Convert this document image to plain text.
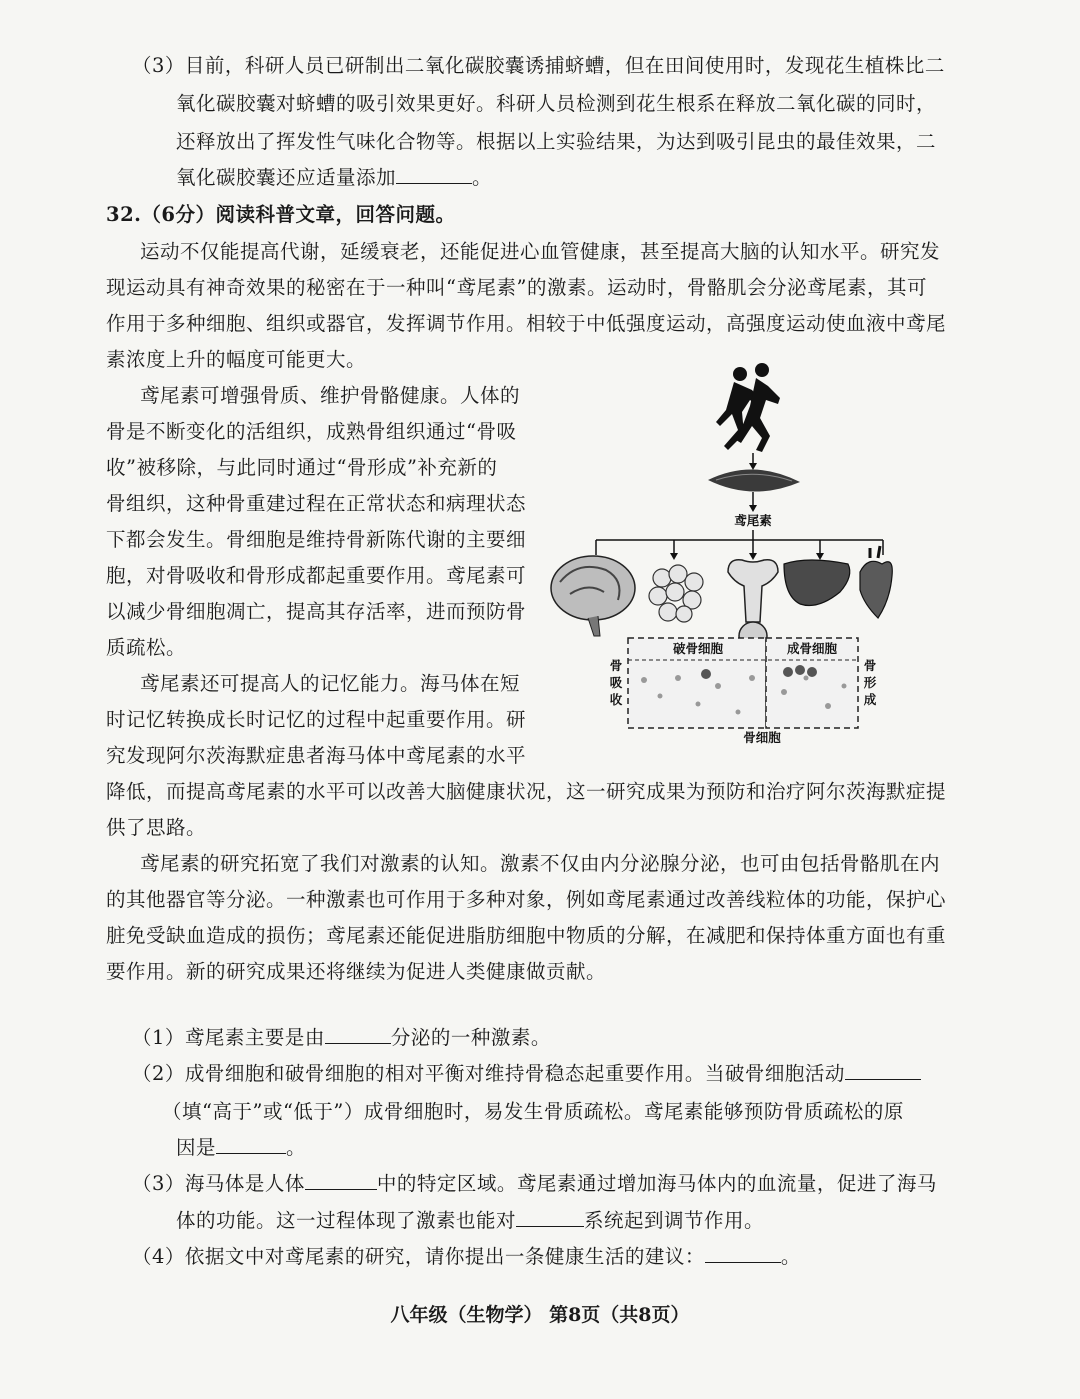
（3）目前，科研人员已研制出二氧化碳胶囊诱捕蛴螬，但在田间使用时，发现花生植株比二
氧化碳胶囊对蛴螬的吸引效果更好。科研人员检测到花生根系在释放二氧化碳的同时，
还释放出了挥发性气味化合物等。根据以上实验结果，为达到吸引昆虫的最佳效果，二
氧化碳胶囊还应适量添加	。
32.（6分）阅读科普文章，回答问题。
运动不仅能提高代谢，延缓衰老，还能促进心血管健康，甚至提高大脑的认知水平。研究发
现运动具有神奇效果的秘密在于一种叫“鸢尾素”的激素。运动时，骨骼肌会分泌鸢尾素，其可
作用于多种细胞、组织或器官，发挥调节作用。相较于中低强度运动，高强度运动使血液中鸢尾
素浓度上升的幅度可能更大。
鸢尾素可增强骨质、维护骨骼健康。人体的
骨是不断变化的活组织，成熟骨组织通过“骨吸
收”被移除，与此同时通过“骨形成”补充新的
骨组织，这种骨重建过程在正常状态和病理状态
下都会发生。骨细胞是维持骨新陈代谢的主要细
胞，对骨吸收和骨形成都起重要作用。鸢尾素可
以减少骨细胞凋亡，提高其存活率，进而预防骨
质疏松。
鸢尾素还可提高人的记忆能力。海马体在短
时记忆转换成长时记忆的过程中起重要作用。研
究发现阿尔茨海默症患者海马体中鸢尾素的水平
降低，而提高鸢尾素的水平可以改善大脑健康状况，这一研究成果为预防和治疗阿尔茨海默症提
供了思路。
鸢尾素的研究拓宽了我们对激素的认知。激素不仅由内分泌腺分泌，也可由包括骨骼肌在内
的其他器官等分泌。一种激素也可作用于多种对象，例如鸢尾素通过改善线粒体的功能，保护心
脏免受缺血造成的损伤；鸢尾素还能促进脂肪细胞中物质的分解，在减肥和保持体重方面也有重
要作用。新的研究成果还将继续为促进人类健康做贡献。
鸢尾素
破骨细胞	成骨细胞
骨
吸
收
骨
形
成
骨细胞
（1）鸢尾素主要是由	分泌的一种激素。
（2）成骨细胞和破骨细胞的相对平衡对维持骨稳态起重要作用。当破骨细胞活动
（填“高于”或“低于”）成骨细胞时，易发生骨质疏松。鸢尾素能够预防骨质疏松的原
因是	。
（3）海马体是人体	中的特定区域。鸢尾素通过增加海马体内的血流量，促进了海马
体的功能。这一过程体现了激素也能对	系统起到调节作用。
（4）依据文中对鸢尾素的研究，请你提出一条健康生活的建议：	。
八年级（生物学） 第8页（共8页）
